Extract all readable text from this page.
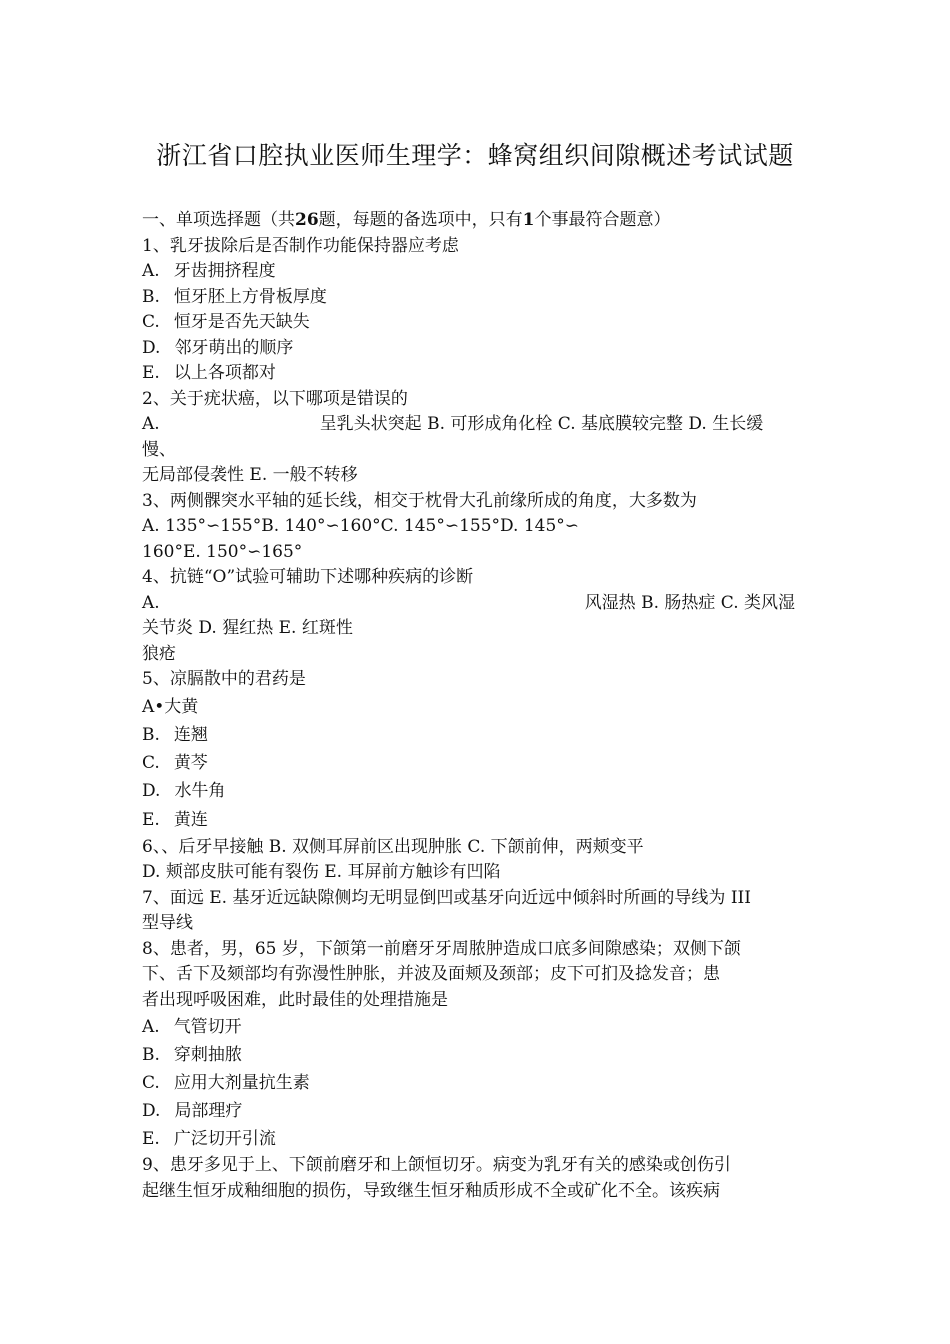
浙江省口腔执业医师生理学：蜂窝组织间隙概述考试试题
一、单项选择题（共26题，每题的备选项中，只有1个事最符合题意）
1、乳牙拔除后是否制作功能保持器应考虑
A. 牙齿拥挤程度
B. 恒牙胚上方骨板厚度
C. 恒牙是否先天缺失
D. 邻牙萌出的顺序
E. 以上各项都对
2、关于疣状癌，以下哪项是错误的
A.	呈乳头状突起 B. 可形成角化栓 C. 基底膜较完整 D. 生长缓
慢、
无局部侵袭性 E. 一般不转移
3、两侧髁突水平轴的延长线，相交于枕骨大孔前缘所成的角度，大多数为
A. 135°∽155°B. 140°∽160°C. 145°∽155°D. 145°∽
160°E. 150°∽165°
4、抗链“O”试验可辅助下述哪种疾病的诊断
A.	风湿热 B. 肠热症 C. 类风湿
关节炎 D. 猩红热 E. 红斑性
狼疮
5、凉膈散中的君药是
A•大黄
B. 连翘
C. 黄芩
D. 水牛角
E. 黄连
6、、后牙早接触 B. 双侧耳屏前区出现肿胀 C. 下颌前伸，两颊变平
D. 颊部皮肤可能有裂伤 E. 耳屏前方触诊有凹陷
7、面远 E. 基牙近远缺隙侧均无明显倒凹或基牙向近远中倾斜时所画的导线为 III
型导线
8、患者，男，65 岁，下颌第一前磨牙牙周脓肿造成口底多间隙感染；双侧下颌
下、舌下及颏部均有弥漫性肿胀，并波及面颊及颈部；皮下可扪及捻发音；患
者出现呼吸困难，此时最佳的处理措施是
A. 气管切开
B. 穿刺抽脓
C. 应用大剂量抗生素
D. 局部理疗
E. 广泛切开引流
9、患牙多见于上、下颌前磨牙和上颌恒切牙。病变为乳牙有关的感染或创伤引
起继生恒牙成釉细胞的损伤，导致继生恒牙釉质形成不全或矿化不全。该疾病
